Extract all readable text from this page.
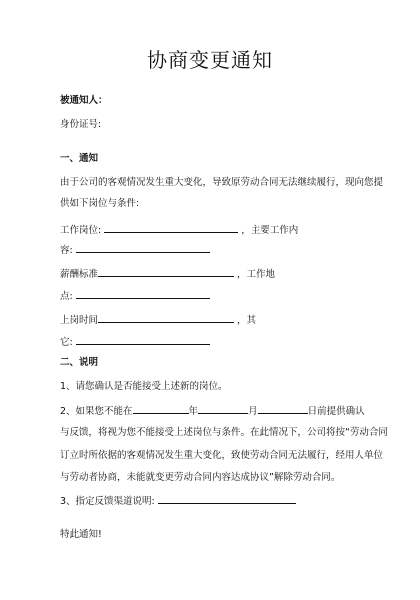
协商变更通知
被通知人：
身份证号:
一、通知
由于公司的客观情况发生重大变化，导致原劳动合同无法继续履行，现向您提
供如下岗位与条件:
工作岗位:	，主要工作内
容:
薪酬标准	，工作地
点:
上岗时间	，其
它:
二、说明
1、请您确认是否能接受上述新的岗位。
2、如果您不能在	年	月	日前提供确认
与反馈，将视为您不能接受上述岗位与条件。在此情况下，公司将按“劳动合同
订立时所依据的客观情况发生重大变化，致使劳动合同无法履行，经用人单位
与劳动者协商，未能就变更劳动合同内容达成协议”解除劳动合同。
3、指定反馈渠道说明:
特此通知!
